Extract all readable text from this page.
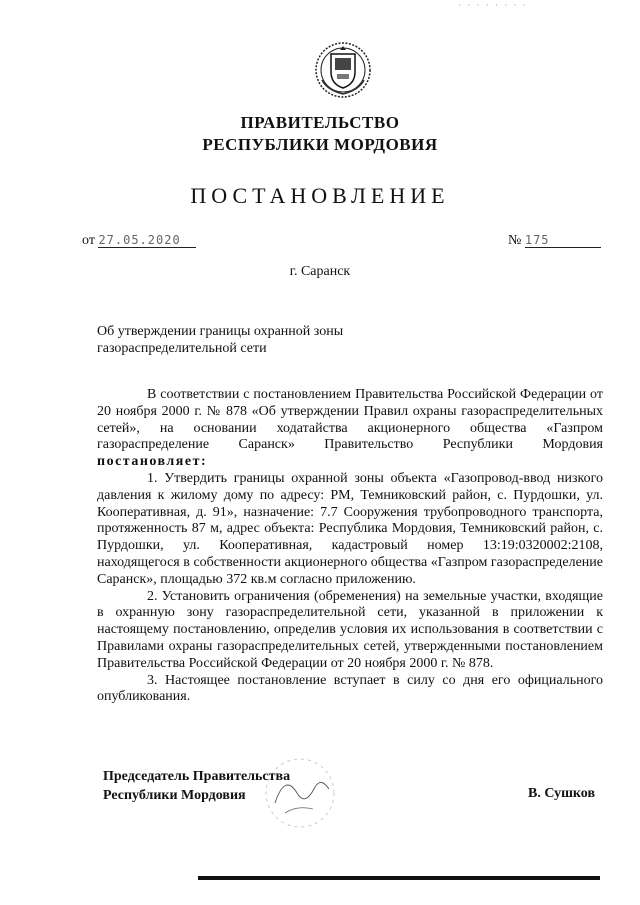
· · · · · · · ·
ПРАВИТЕЛЬСТВО
РЕСПУБЛИКИ МОРДОВИЯ
ПОСТАНОВЛЕНИЕ
от 27.05.2020	№ 175
г. Саранск
Об утверждении границы охранной зоны газораспределительной сети

В соответствии с постановлением Правительства Российской Федерации от 20 ноября 2000 г. № 878 «Об утверждении Правил охраны газораспределительных сетей», на основании ходатайства акционерного общества «Газпром газораспределение Саранск» Правительство Республики Мордовия постановляет:

1. Утвердить границы охранной зоны объекта «Газопровод-ввод низкого давления к жилому дому по адресу: РМ, Темниковский район, с. Пурдошки, ул. Кооперативная, д. 91», назначение: 7.7 Сооружения трубопроводного транспорта, протяженность 87 м, адрес объекта: Республика Мордовия, Темниковский район, с. Пурдошки, ул. Кооперативная, кадастровый номер 13:19:0320002:2108, находящегося в собственности акционерного общества «Газпром газораспределение Саранск», площадью 372 кв.м согласно приложению.

2. Установить ограничения (обременения) на земельные участки, входящие в охранную зону газораспределительной сети, указанной в приложении к настоящему постановлению, определив условия их использования в соответствии с Правилами охраны газораспределительных сетей, утвержденными постановлением Правительства Российской Федерации от 20 ноября 2000 г. № 878.

3. Настоящее постановление вступает в силу со дня его официального опубликования.

Председатель Правительства
Республики Мордовия	В. Сушков
